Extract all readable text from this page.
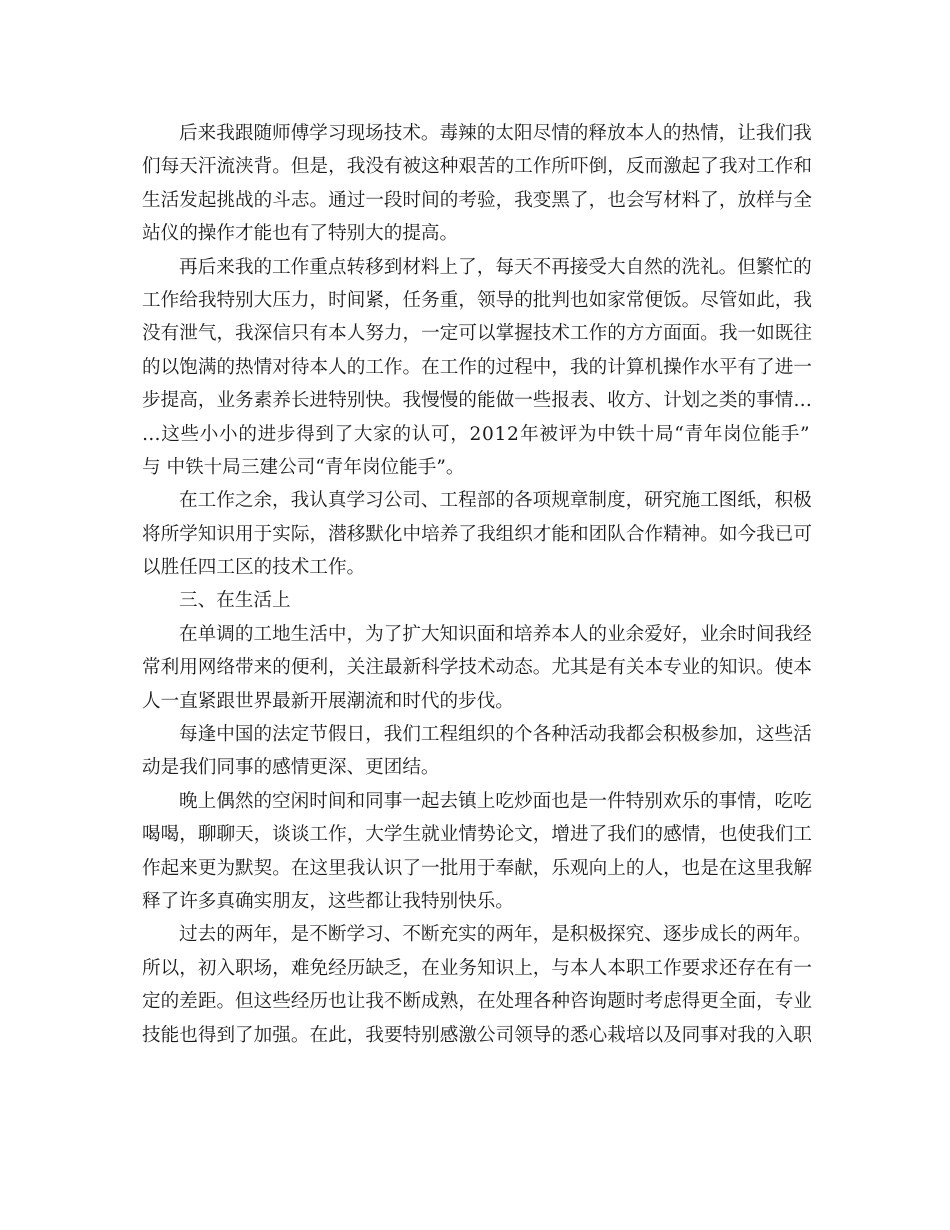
后 来 我 跟 随 师 傅 学 习 现 场 技 术 。 毒 辣 的 太 阳 尽 情 的 释 放 本 人 的 热 情 ， 让 我 们 我
们 每 天 汗 流 浃 背 。 但 是 ， 我 没 有 被 这 种 艰 苦 的 工 作 所 吓 倒 ， 反 而 激 起 了 我 对 工 作 和
生 活 发 起 挑 战 的 斗 志 。 通 过 一 段 时 间 的 考 验 ， 我 变 黑 了 ， 也 会 写 材 料 了 ， 放 样 与 全
站仪的操作才能也有了特别大的提高。
再 后 来 我 的 工 作 重 点 转 移 到 材 料 上 了 ， 每 天 不 再 接 受 大 自 然 的 洗 礼 。 但 繁 忙 的
工 作 给 我 特 别 大 压 力 ， 时 间 紧 ， 任 务 重 ， 领 导 的 批 判 也 如 家 常 便 饭 。 尽 管 如 此 ， 我
没 有 泄 气 ， 我 深 信 只 有 本 人 努 力 ， 一 定 可 以 掌 握 技 术 工 作 的 方 方 面 面 。 我 一 如 既 往
的 以 饱 满 的 热 情 对 待 本 人 的 工 作 。 在 工 作 的 过 程 中 ， 我 的 计 算 机 操 作 水 平 有 了 进 一
步 提 高 ， 业 务 素 养 长 进 特 别 快 。 我 慢 慢 的 能 做 一 些 报 表 、 收 方 、 计 划 之 类 的 事 情 …
… 这 些 小 小 的 进 步 得 到 了 大 家 的 认 可 ， 2 0 1 2 年 被 评 为 中 铁 十 局 “ 青 年 岗 位 能 手 ”
与 中铁十局三建公司“青年岗位能手”。
在 工 作 之 余 ， 我 认 真 学 习 公 司 、 工 程 部 的 各 项 规 章 制 度 ， 研 究 施 工 图 纸 ， 积 极
将 所 学 知 识 用 于 实 际 ， 潜 移 默 化 中 培 养 了 我 组 织 才 能 和 团 队 合 作 精 神 。 如 今 我 已 可
以胜任四工区的技术工作。
三、在生活上
在 单 调 的 工 地 生 活 中 ， 为 了 扩 大 知 识 面 和 培 养 本 人 的 业 余 爱 好 ， 业 余 时 间 我 经
常 利 用 网 络 带 来 的 便 利 ， 关 注 最 新 科 学 技 术 动 态 。 尤 其 是 有 关 本 专 业 的 知 识 。 使 本
人一直紧跟世界最新开展潮流和时代的步伐。
每 逢 中 国 的 法 定 节 假 日 ， 我 们 工 程 组 织 的 个 各 种 活 动 我 都 会 积 极 参 加 ， 这 些 活
动是我们同事的感情更深、更团结。
晚 上 偶 然 的 空 闲 时 间 和 同 事 一 起 去 镇 上 吃 炒 面 也 是 一 件 特 别 欢 乐 的 事 情 ， 吃 吃
喝 喝 ， 聊 聊 天 ， 谈 谈 工 作 ， 大 学 生 就 业 情 势 论 文 ， 增 进 了 我 们 的 感 情 ， 也 使 我 们 工
作 起 来 更 为 默 契 。 在 这 里 我 认 识 了 一 批 用 于 奉 献 ， 乐 观 向 上 的 人 ， 也 是 在 这 里 我 解
释了许多真确实朋友，这些都让我特别快乐。
过 去 的 两 年 ， 是 不 断 学 习 、 不 断 充 实 的 两 年 ， 是 积 极 探 究 、 逐 步 成 长 的 两 年 。
所 以 ， 初 入 职 场 ， 难 免 经 历 缺 乏 ， 在 业 务 知 识 上 ， 与 本 人 本 职 工 作 要 求 还 存 在 有 一
定 的 差 距 。 但 这 些 经 历 也 让 我 不 断 成 熟 ， 在 处 理 各 种 咨 询 题 时 考 虑 得 更 全 面 ， 专 业
技 能 也 得 到 了 加 强 。 在 此 ， 我 要 特 别 感 激 公 司 领 导 的 悉 心 栽 培 以 及 同 事 对 我 的 入 职
